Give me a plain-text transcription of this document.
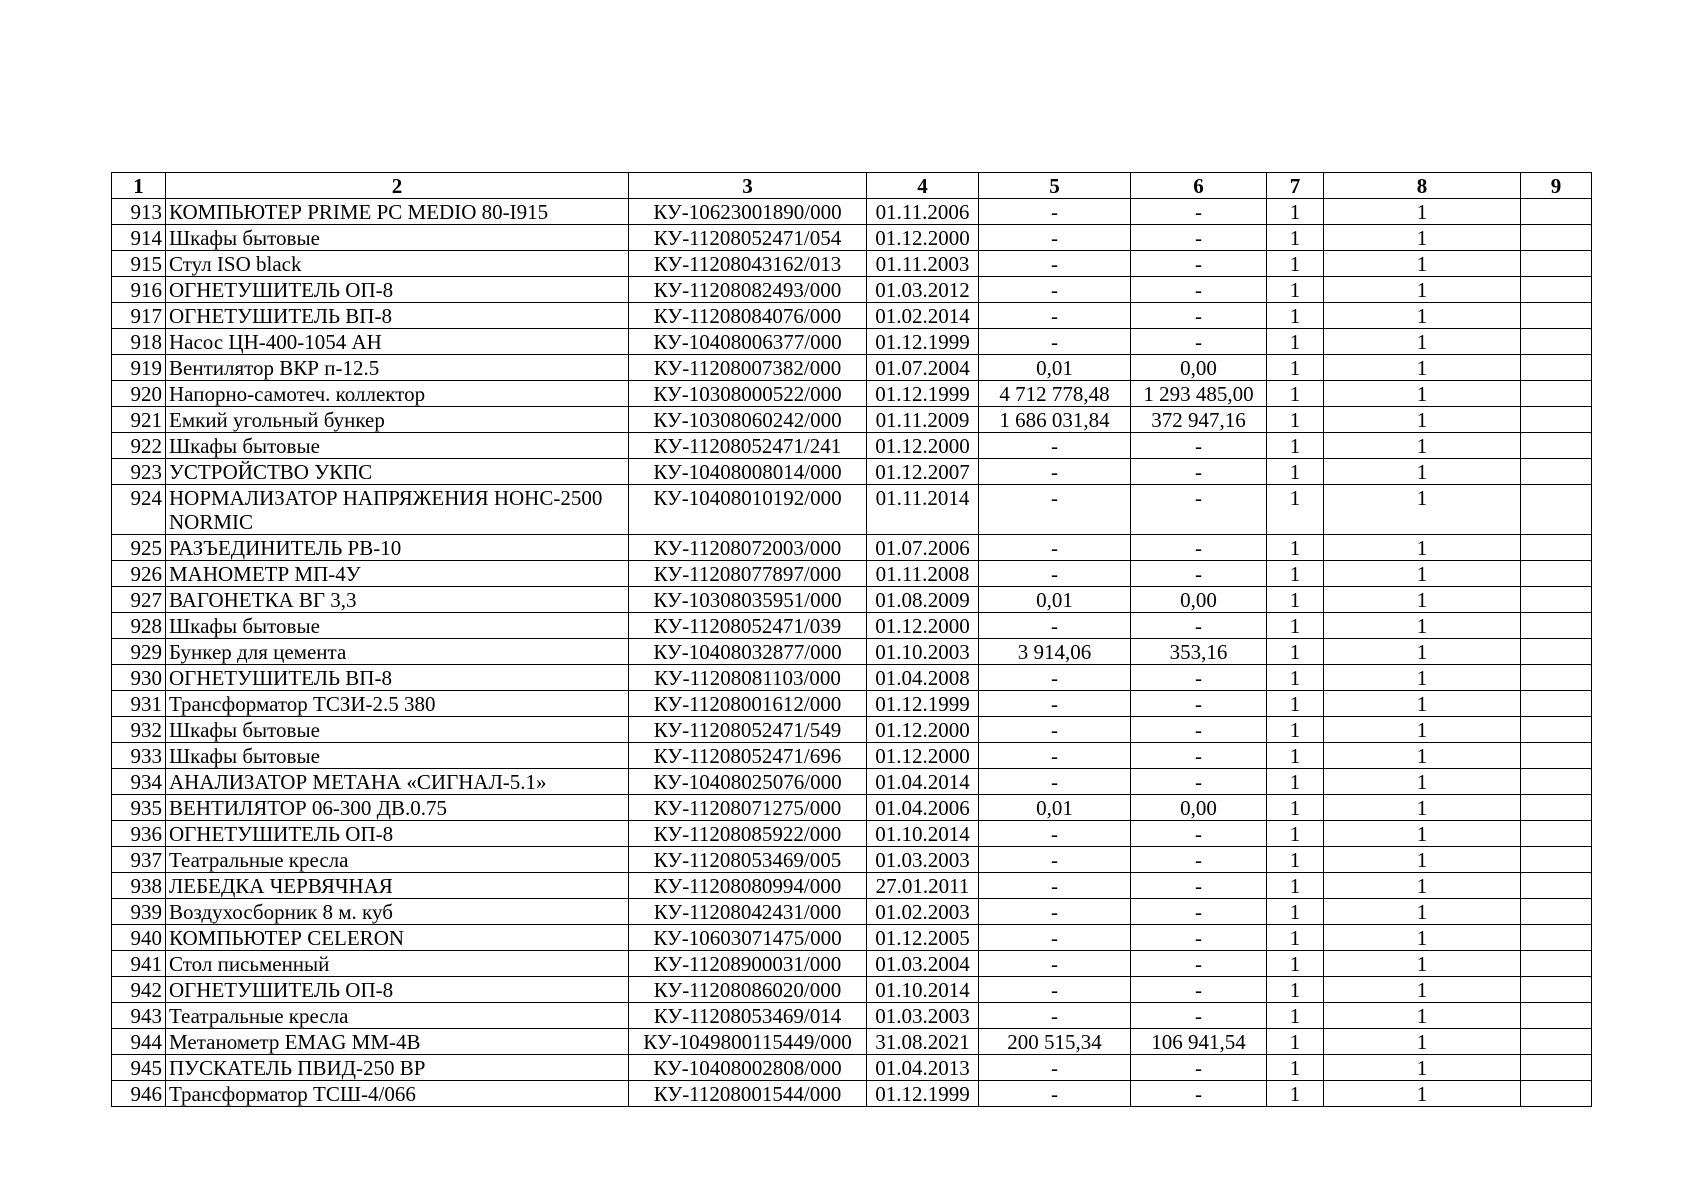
1	2	3	4	5	6	7	8	9
913	КОМПЬЮТЕР PRIME PC MEDIO 80-I915	КУ-10623001890/000	01.11.2006	-	-	1	1	
914	Шкафы бытовые	КУ-11208052471/054	01.12.2000	-	-	1	1	
915	Стул ISO black	КУ-11208043162/013	01.11.2003	-	-	1	1	
916	ОГНЕТУШИТЕЛЬ ОП-8	КУ-11208082493/000	01.03.2012	-	-	1	1	
917	ОГНЕТУШИТЕЛЬ ВП-8	КУ-11208084076/000	01.02.2014	-	-	1	1	
918	Насос ЦН-400-1054 АН	КУ-10408006377/000	01.12.1999	-	-	1	1	
919	Вентилятор ВКР п-12.5	КУ-11208007382/000	01.07.2004	0,01	0,00	1	1	
920	Напорно-самотеч. коллектор	КУ-10308000522/000	01.12.1999	4 712 778,48	1 293 485,00	1	1	
921	Емкий угольный бункер	КУ-10308060242/000	01.11.2009	1 686 031,84	372 947,16	1	1	
922	Шкафы бытовые	КУ-11208052471/241	01.12.2000	-	-	1	1	
923	УСТРОЙСТВО УКПС	КУ-10408008014/000	01.12.2007	-	-	1	1	
924	НОРМАЛИЗАТОР НАПРЯЖЕНИЯ НОНС-2500 NORMIC	КУ-10408010192/000	01.11.2014	-	-	1	1	
925	РАЗЪЕДИНИТЕЛЬ РВ-10	КУ-11208072003/000	01.07.2006	-	-	1	1	
926	МАНОМЕТР МП-4У	КУ-11208077897/000	01.11.2008	-	-	1	1	
927	ВАГОНЕТКА ВГ 3,3	КУ-10308035951/000	01.08.2009	0,01	0,00	1	1	
928	Шкафы бытовые	КУ-11208052471/039	01.12.2000	-	-	1	1	
929	Бункер для цемента	КУ-10408032877/000	01.10.2003	3 914,06	353,16	1	1	
930	ОГНЕТУШИТЕЛЬ ВП-8	КУ-11208081103/000	01.04.2008	-	-	1	1	
931	Трансформатор ТСЗИ-2.5 380	КУ-11208001612/000	01.12.1999	-	-	1	1	
932	Шкафы бытовые	КУ-11208052471/549	01.12.2000	-	-	1	1	
933	Шкафы бытовые	КУ-11208052471/696	01.12.2000	-	-	1	1	
934	АНАЛИЗАТОР МЕТАНА «СИГНАЛ-5.1»	КУ-10408025076/000	01.04.2014	-	-	1	1	
935	ВЕНТИЛЯТОР 06-300 ДВ.0.75	КУ-11208071275/000	01.04.2006	0,01	0,00	1	1	
936	ОГНЕТУШИТЕЛЬ ОП-8	КУ-11208085922/000	01.10.2014	-	-	1	1	
937	Театральные кресла	КУ-11208053469/005	01.03.2003	-	-	1	1	
938	ЛЕБЕДКА ЧЕРВЯЧНАЯ	КУ-11208080994/000	27.01.2011	-	-	1	1	
939	Воздухосборник 8 м. куб	КУ-11208042431/000	01.02.2003	-	-	1	1	
940	КОМПЬЮТЕР CELERON	КУ-10603071475/000	01.12.2005	-	-	1	1	
941	Стол письменный	КУ-11208900031/000	01.03.2004	-	-	1	1	
942	ОГНЕТУШИТЕЛЬ ОП-8	КУ-11208086020/000	01.10.2014	-	-	1	1	
943	Театральные кресла	КУ-11208053469/014	01.03.2003	-	-	1	1	
944	Метанометр EMAG MM-4B	КУ-1049800115449/000	31.08.2021	200 515,34	106 941,54	1	1	
945	ПУСКАТЕЛЬ ПВИД-250 ВР	КУ-10408002808/000	01.04.2013	-	-	1	1	
946	Трансформатор ТСШ-4/066	КУ-11208001544/000	01.12.1999	-	-	1	1	
